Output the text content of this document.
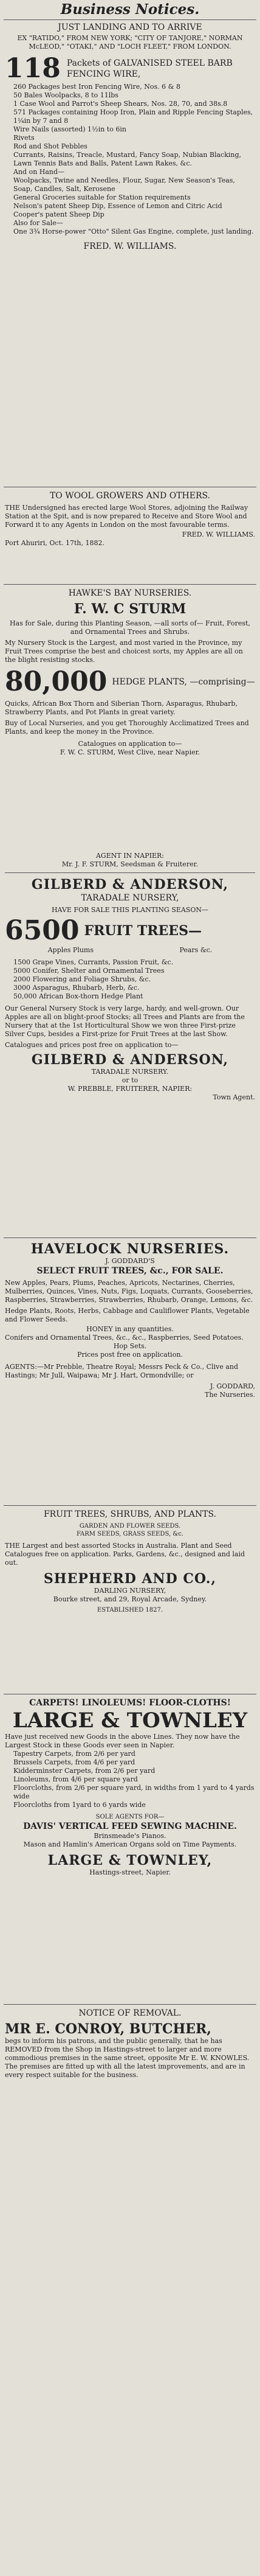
Business Notices.

JUST LANDING AND TO ARRIVE

EX "RATIDO," FROM NEW YORK; "CITY OF TANJORE," NORMAN McLEOD," "OTAKI," AND "LOCH FLEET," FROM LONDON.

118 Packets of GALVANISED STEEL BARB FENCING WIRE,

260 Packages best Iron Fencing Wire, Nos. 6 & 8

50 Bales Woolpacks, 8 to 11lbs

1 Case Wool and Parrot's Sheep Shears, Nos. 28, 70, and 38s.8

571 Packages containing Hoop Iron, Plain and Ripple Fencing Staples, 1¼in by 7 and 8

Wire Nails (assorted) 1½in to 6in

Rivets

Rod and Shot Pebbles

Currants, Raisins, Treacle, Mustard, Fancy Soap, Nubian Blacking, Lawn Tennis Bats and Balls, Patent Lawn Rakes, &c.

And on Hand—

Woolpacks, Twine and Needles, Flour, Sugar, New Season's Teas, Soap, Candles, Salt, Kerosene

General Groceries suitable for Station requirements

Nelson's patent Sheep Dip, Essence of Lemon and Citric Acid

Cooper's patent Sheep Dip

Also for Sale—

One 3¾ Horse-power "Otto" Silent Gas Engine, complete, just landing.

FRED. W. WILLIAMS.

TO WOOL GROWERS AND OTHERS.

THE Undersigned has erected large Wool Stores, adjoining the Railway Station at the Spit, and is now prepared to Receive and Store Wool and Forward it to any Agents in London on the most favourable terms.

FRED. W. WILLIAMS.

Port Ahuriri, Oct. 17th, 1882.

HAWKE'S BAY NURSERIES.

F. W. C STURM

Has for Sale, during this Planting Season, —all sorts of— Fruit, Forest, and Ornamental Trees and Shrubs.

My Nursery Stock is the Largest, and most varied in the Province, my Fruit Trees comprise the best and choicest sorts, my Apples are all on the blight resisting stocks.

80,000 HEDGE PLANTS, —comprising—

Quicks, African Box Thorn and Siberian Thorn, Asparagus, Rhubarb, Strawberry Plants, and Pot Plants in great variety.

Buy of Local Nurseries, and you get Thoroughly Acclimatized Trees and Plants, and keep the money in the Province.

Catalogues on application to—

F. W. C. STURM, West Clive, near Napier.

AGENT IN NAPIER:

Mr. J. F. STURM, Seedsman & Fruiterer.

GILBERD & ANDERSON,

TARADALE NURSERY,

HAVE FOR SALE THIS PLANTING SEASON—

6500 FRUIT TREES—
Apples Plums	Pears &c.

1500 Grape Vines, Currants, Passion Fruit, &c.

5000 Conifer, Shelter and Ornamental Trees

2000 Flowering and Foliage Shrubs, &c.

3000 Asparagus, Rhubarb, Herb, &c.

50,000 African Box-thorn Hedge Plant

Our General Nursery Stock is very large, hardy, and well-grown. Our Apples are all on blight-proof Stocks; all Trees and Plants are from the Nursery that at the 1st Horticultural Show we won three First-prize Silver Cups, besides a First-prize for Fruit Trees at the last Show.

Catalogues and prices post free on application to—

GILBERD & ANDERSON,

TARADALE NURSERY.

or to

W. PREBBLE, FRUITERER, NAPIER:

Town Agent.

HAVELOCK NURSERIES.

J. GODDARD'S

SELECT FRUIT TREES, &c., FOR SALE.

New Apples, Pears, Plums, Peaches, Apricots, Nectarines, Cherries, Mulberries, Quinces, Vines, Nuts, Figs, Loquats, Currants, Gooseberries, Raspberries, Strawberries, Strawberries, Rhubarb, Orange, Lemons, &c.

Hedge Plants, Roots, Herbs, Cabbage and Cauliflower Plants, Vegetable and Flower Seeds.

HONEY in any quantities.

Conifers and Ornamental Trees, &c., &c., Raspberries, Seed Potatoes.

Hop Sets.

Prices post free on application.

AGENTS:—Mr Prebble, Theatre Royal; Messrs Peck & Co., Clive and Hastings; Mr Jull, Waipawa; Mr J. Hart, Ormondville; or

J. GODDARD,

The Nurseries.

FRUIT TREES, SHRUBS, AND PLANTS.

GARDEN AND FLOWER SEEDS.

FARM SEEDS, GRASS SEEDS, &c.

THE Largest and best assorted Stocks in Australia. Plant and Seed Catalogues free on application. Parks, Gardens, &c., designed and laid out.

SHEPHERD AND CO.,

DARLING NURSERY,

Bourke street, and 29, Royal Arcade, Sydney.

ESTABLISHED 1827.

CARPETS! LINOLEUMS! FLOOR-CLOTHS!

LARGE & TOWNLEY

Have just received new Goods in the above Lines. They now have the Largest Stock in these Goods ever seen in Napier.

Tapestry Carpets, from 2/6 per yard

Brussels Carpets, from 4/6 per yard

Kidderminster Carpets, from 2/6 per yard

Linoleums, from 4/6 per square yard

Floorcloths, from 2/6 per square yard, in widths from 1 yard to 4 yards wide

Floorcloths from 1yard to 6 yards wide

SOLE AGENTS FOR—

DAVIS' VERTICAL FEED SEWING MACHINE.

Brinsmeade's Pianos.

Mason and Hamlin's American Organs sold on Time Payments.

LARGE & TOWNLEY,

Hastings-street, Napier.

NOTICE OF REMOVAL.

MR E. CONROY, BUTCHER,

begs to inform his patrons, and the public generally, that he has REMOVED from the Shop in Hastings-street to larger and more commodious premises in the same street, opposite Mr E. W. KNOWLES. The premises are fitted up with all the latest improvements, and are in every respect suitable for the business.
